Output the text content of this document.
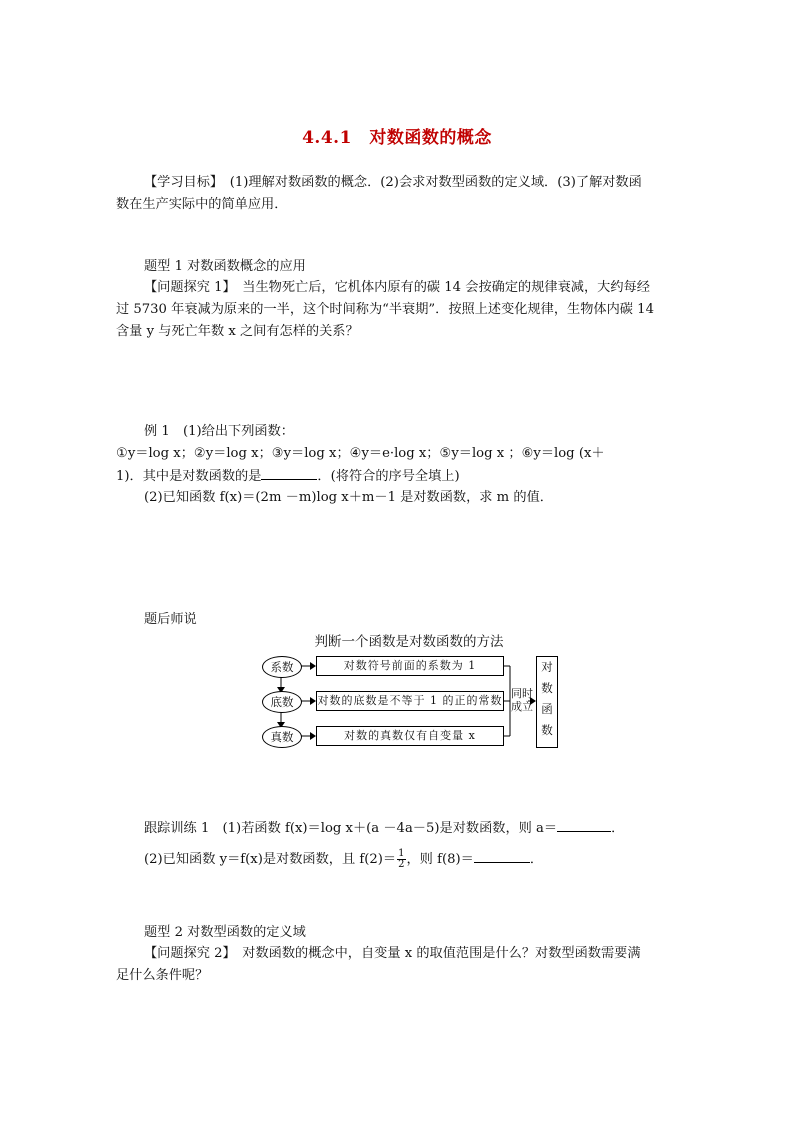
4.4.1　对数函数的概念
【学习目标】　(1)理解对数函数的概念．(2)会求对数型函数的定义域．(3)了解对数函
数在生产实际中的简单应用．
题型 1 对数函数概念的应用
【问题探究 1】　当生物死亡后，它机体内原有的碳 14 会按确定的规律衰减，大约每经
过 5730 年衰减为原来的一半，这个时间称为“半衰期”．按照上述变化规律，生物体内碳 14
含量 y 与死亡年数 x 之间有怎样的关系？
例 1　(1)给出下列函数：
①y＝log x；②y＝log x；③y＝log x；④y＝e·log x；⑤y＝log x ；⑥y＝log (x＋
1)．其中是对数函数的是	．(将符合的序号全填上)
(2)已知函数 f(x)＝(2m －m)log x＋m－1 是对数函数，求 m 的值．
题后师说
判断一个函数是对数函数的方法
系数
底数
真数
对数符号前面的系数为 1
对数的底数是不等于 1 的正的常数
对数的真数仅有自变量 x
同时
成立
对
数
函
数
跟踪训练 1　(1)若函数 f(x)＝log x＋(a －4a－5)是对数函数，则 a＝	．
(2)已知函数 y＝f(x)是对数函数，且 $f(2)= \frac{1}{2}$ ，则 f(8)＝	．
题型 2 对数型函数的定义域
【问题探究 2】　对数函数的概念中，自变量 x 的取值范围是什么？对数型函数需要满
足什么条件呢？
